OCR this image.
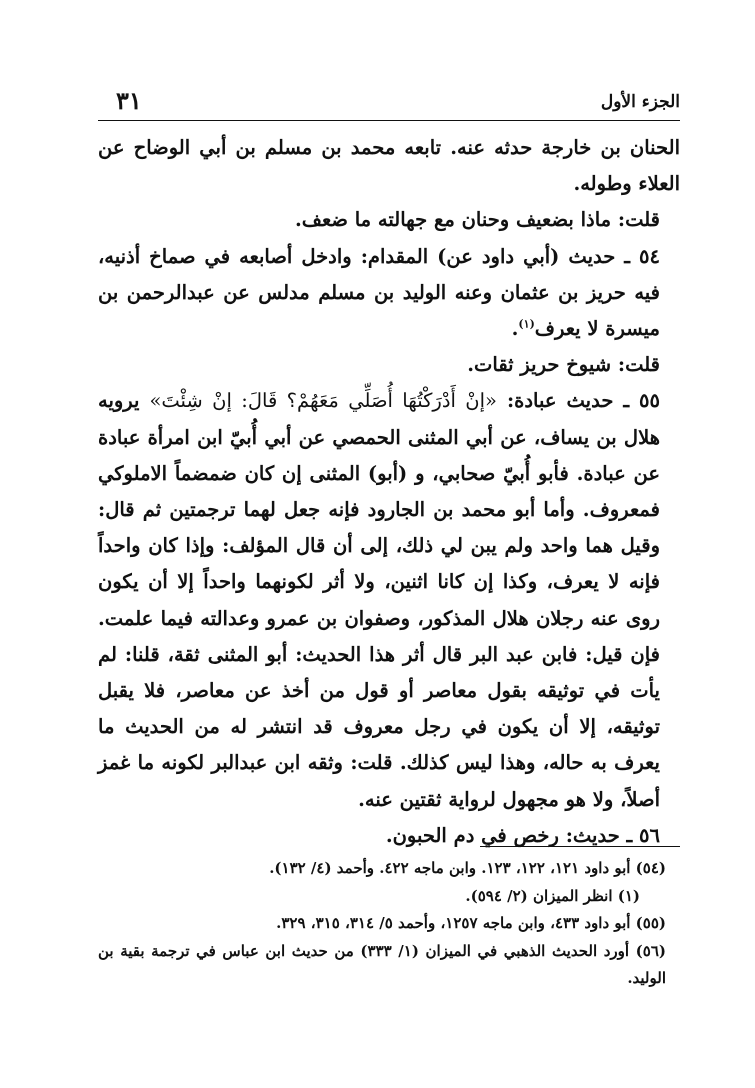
٣١	الجزء الأول

الحنان بن خارجة حدثه عنه. تابعه محمد بن مسلم بن أبي الوضاح عن العلاء وطوله.

قلت: ماذا بضعيف وحنان مع جهالته ما ضعف.

٥٤ ـ حديث (أبي داود عن) المقدام: وادخل أصابعه في صماخ أذنيه، فيه حريز بن عثمان وعنه الوليد بن مسلم مدلس عن عبدالرحمن بن ميسرة لا يعرف$^{(١)}$.

قلت: شيوخ حريز ثقات.

٥٥ ـ حديث عبادة: «إنْ أَدْرَكْتُهَا أُصَلِّي مَعَهُمْ؟ قَالَ: إنْ شِئْتَ» يرويه هلال بن يساف، عن أبي المثنى الحمصي عن أبي أُبيّ ابن امرأة عبادة عن عبادة. فأبو أُبيّ صحابي، و (أبو) المثنى إن كان ضمضماً الاملوكي فمعروف. وأما أبو محمد بن الجارود فإنه جعل لهما ترجمتين ثم قال: وقيل هما واحد ولم يبن لي ذلك، إلى أن قال المؤلف: وإذا كان واحداً فإنه لا يعرف، وكذا إن كانا اثنين، ولا أثر لكونهما واحداً إلا أن يكون روى عنه رجلان هلال المذكور، وصفوان بن عمرو وعدالته فيما علمت. فإن قيل: فابن عبد البر قال أثر هذا الحديث: أبو المثنى ثقة، قلنا: لم يأت في توثيقه بقول معاصر أو قول من أخذ عن معاصر، فلا يقبل توثيقه، إلا أن يكون في رجل معروف قد انتشر له من الحديث ما يعرف به حاله، وهذا ليس كذلك. قلت: وثقه ابن عبدالبر لكونه ما غمز أصلاً، ولا هو مجهول لرواية ثقتين عنه.

٥٦ ـ حديث: رخص في دم الحبون.

(٥٤) أبو داود ١٢١، ١٢٢، ١٢٣. وابن ماجه ٤٢٢. وأحمد (٤/ ١٣٢).

(١) انظر الميزان (٢/ ٥٩٤).

(٥٥) أبو داود ٤٣٣، وابن ماجه ١٢٥٧، وأحمد ٥/ ٣١٤، ٣١٥، ٣٢٩.

(٥٦) أورد الحديث الذهبي في الميزان (١/ ٣٣٣) من حديث ابن عباس في ترجمة بقية بن الوليد.
